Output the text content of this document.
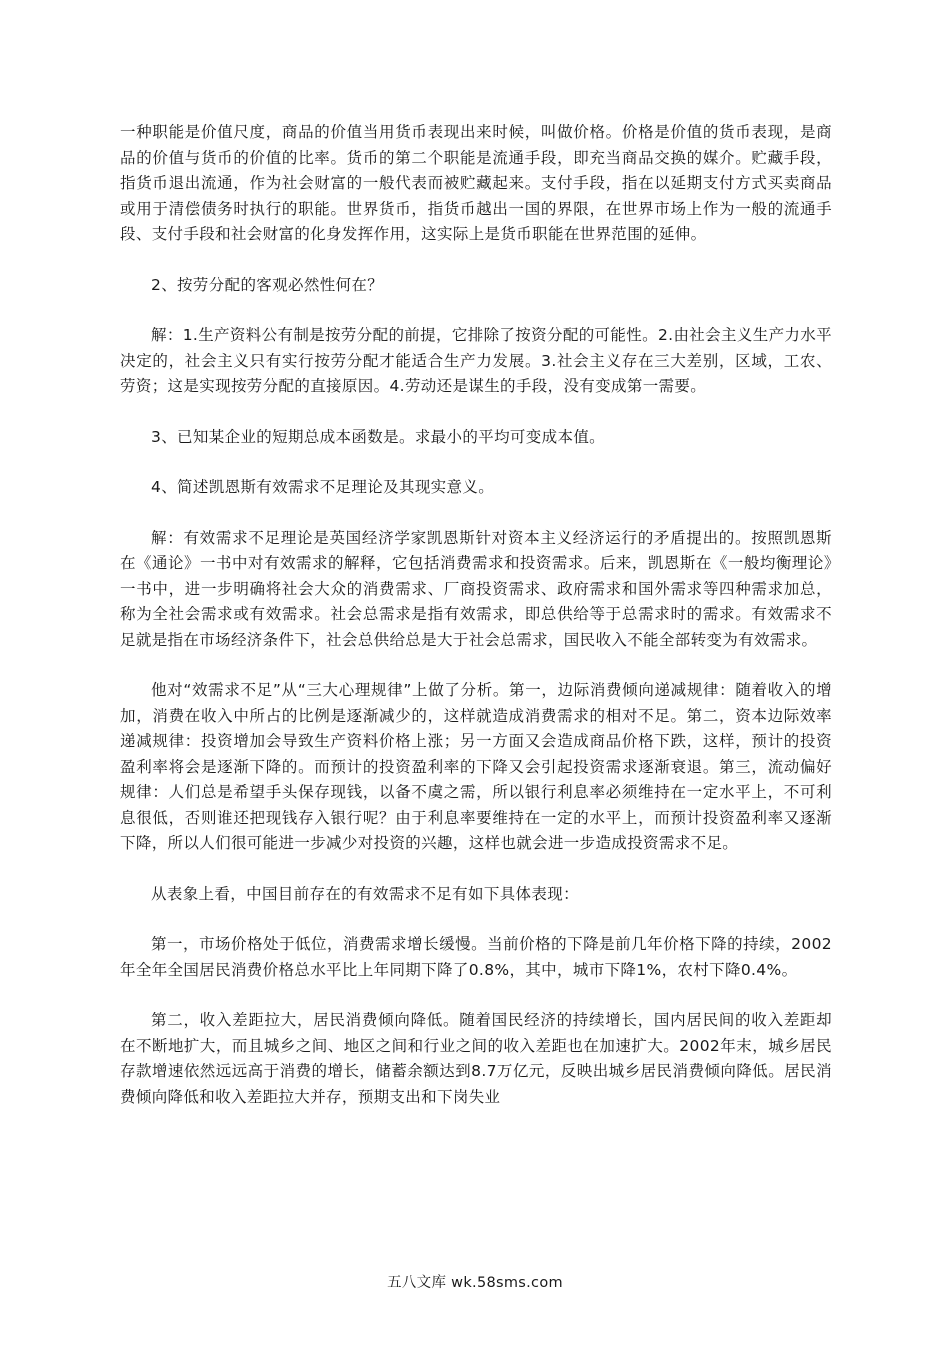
一种职能是价值尺度，商品的价值当用货币表现出来时候，叫做价格。价格是价值的货币表现，是商品的价值与货币的价值的比率。货币的第二个职能是流通手段，即充当商品交换的媒介。贮藏手段，指货币退出流通，作为社会财富的一般代表而被贮藏起来。支付手段，指在以延期支付方式买卖商品或用于清偿债务时执行的职能。世界货币，指货币越出一国的界限，在世界市场上作为一般的流通手段、支付手段和社会财富的化身发挥作用，这实际上是货币职能在世界范围的延伸。

2、按劳分配的客观必然性何在？

解：1.生产资料公有制是按劳分配的前提，它排除了按资分配的可能性。2.由社会主义生产力水平决定的，社会主义只有实行按劳分配才能适合生产力发展。3.社会主义存在三大差别，区域，工农、劳资；这是实现按劳分配的直接原因。4.劳动还是谋生的手段，没有变成第一需要。

3、已知某企业的短期总成本函数是。求最小的平均可变成本值。

4、简述凯恩斯有效需求不足理论及其现实意义。

解：有效需求不足理论是英国经济学家凯恩斯针对资本主义经济运行的矛盾提出的。按照凯恩斯在《通论》一书中对有效需求的解释，它包括消费需求和投资需求。后来，凯恩斯在《一般均衡理论》一书中，进一步明确将社会大众的消费需求、厂商投资需求、政府需求和国外需求等四种需求加总，称为全社会需求或有效需求。社会总需求是指有效需求，即总供给等于总需求时的需求。有效需求不足就是指在市场经济条件下，社会总供给总是大于社会总需求，国民收入不能全部转变为有效需求。

他对“效需求不足”从“三大心理规律”上做了分析。第一，边际消费倾向递减规律：随着收入的增加，消费在收入中所占的比例是逐渐减少的，这样就造成消费需求的相对不足。第二，资本边际效率递减规律：投资增加会导致生产资料价格上涨；另一方面又会造成商品价格下跌，这样，预计的投资盈利率将会是逐渐下降的。而预计的投资盈利率的下降又会引起投资需求逐渐衰退。第三，流动偏好规律：人们总是希望手头保存现钱，以备不虞之需，所以银行利息率必须维持在一定水平上，不可利息很低，否则谁还把现钱存入银行呢？由于利息率要维持在一定的水平上，而预计投资盈利率又逐渐下降，所以人们很可能进一步减少对投资的兴趣，这样也就会进一步造成投资需求不足。

从表象上看，中国目前存在的有效需求不足有如下具体表现：

第一，市场价格处于低位，消费需求增长缓慢。当前价格的下降是前几年价格下降的持续，2002年全年全国居民消费价格总水平比上年同期下降了0.8%，其中，城市下降1%，农村下降0.4%。

第二，收入差距拉大，居民消费倾向降低。随着国民经济的持续增长，国内居民间的收入差距却在不断地扩大，而且城乡之间、地区之间和行业之间的收入差距也在加速扩大。2002年末，城乡居民存款增速依然远远高于消费的增长，储蓄余额达到8.7万亿元，反映出城乡居民消费倾向降低。居民消费倾向降低和收入差距拉大并存，预期支出和下岗失业

五八文库 wk.58sms.com
